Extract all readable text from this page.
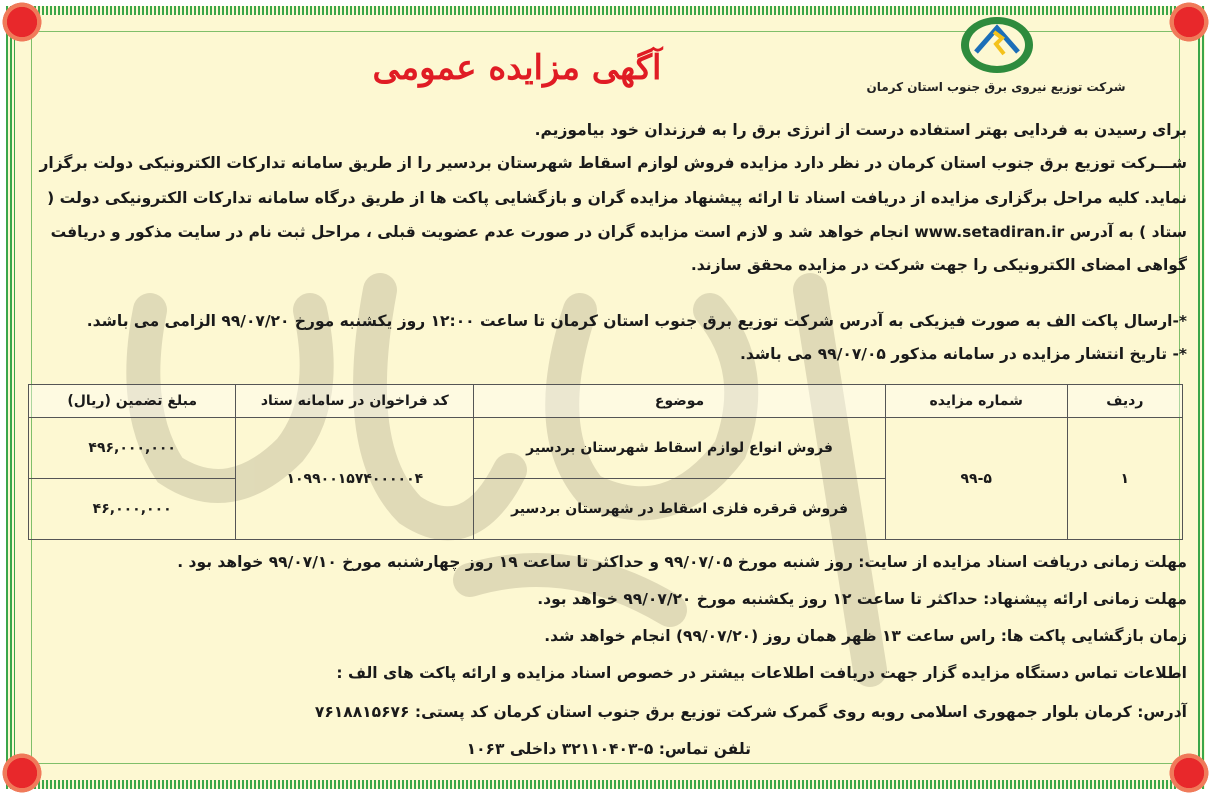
شرکت توزیع نیروی برق جنوب استان کرمان
آگهی مزایده عمومی
برای رسیدن به فردایی بهتر استفاده درست از انرژی برق را به فرزندان خود بیاموزیم.
شـــرکت توزیع برق جنوب استان کرمان در نظر دارد مزایده فروش لوازم اسقاط شهرستان بردسیر را از طریق سامانه تدارکات الکترونیکی دولت برگزار
نماید. کلیه مراحل برگزاری مزایده از دریافت اسناد تا ارائه پیشنهاد مزایده گران و بازگشایی پاکت ها از طریق درگاه سامانه تدارکات الکترونیکی دولت (
ستاد ) به آدرس www.setadiran.ir انجام خواهد شد و لازم است مزایده گران در صورت عدم عضویت قبلی ، مراحل ثبت نام در سایت مذکور و دریافت
گواهی امضای الکترونیکی را جهت شرکت در مزایده محقق سازند.
*-ارسال پاکت الف به صورت فیزیکی به آدرس شرکت توزیع برق جنوب استان کرمان تا ساعت ۱۲:۰۰ روز یکشنبه مورخ ۹۹/۰۷/۲۰ الزامی می باشد.
*- تاریخ انتشار مزایده در سامانه مذکور ۹۹/۰۷/۰۵ می باشد.
ردیف	شماره مزایده	موضوع	کد فراخوان در سامانه ستاد	مبلغ تضمین (ریال)
۱	۹۹-۵	فروش انواع لوازم اسقاط شهرستان بردسیر	۱۰۹۹۰۰۱۵۷۴۰۰۰۰۰۴	۴۹۶,۰۰۰,۰۰۰
		فروش قرقره فلزی اسقاط در شهرستان بردسیر		۴۶,۰۰۰,۰۰۰
مهلت زمانی دریافت اسناد مزایده از سایت: روز شنبه مورخ ۹۹/۰۷/۰۵ و حداکثر تا ساعت ۱۹ روز چهارشنبه مورخ ۹۹/۰۷/۱۰ خواهد بود .
مهلت زمانی ارائه پیشنهاد: حداکثر تا ساعت ۱۲ روز یکشنبه مورخ ۹۹/۰۷/۲۰ خواهد بود.
زمان بازگشایی پاکت ها: راس ساعت ۱۳ ظهر همان روز (۹۹/۰۷/۲۰) انجام خواهد شد.
اطلاعات تماس دستگاه مزایده گزار جهت دریافت اطلاعات بیشتر در خصوص اسناد مزایده و ارائه پاکت های الف :
آدرس: کرمان بلوار جمهوری اسلامی روبه روی گمرک شرکت توزیع برق جنوب استان کرمان کد پستی: ۷۶۱۸۸۱۵۶۷۶
تلفن تماس: ۵-۳۲۱۱۰۴۰۳ داخلی ۱۰۶۳
